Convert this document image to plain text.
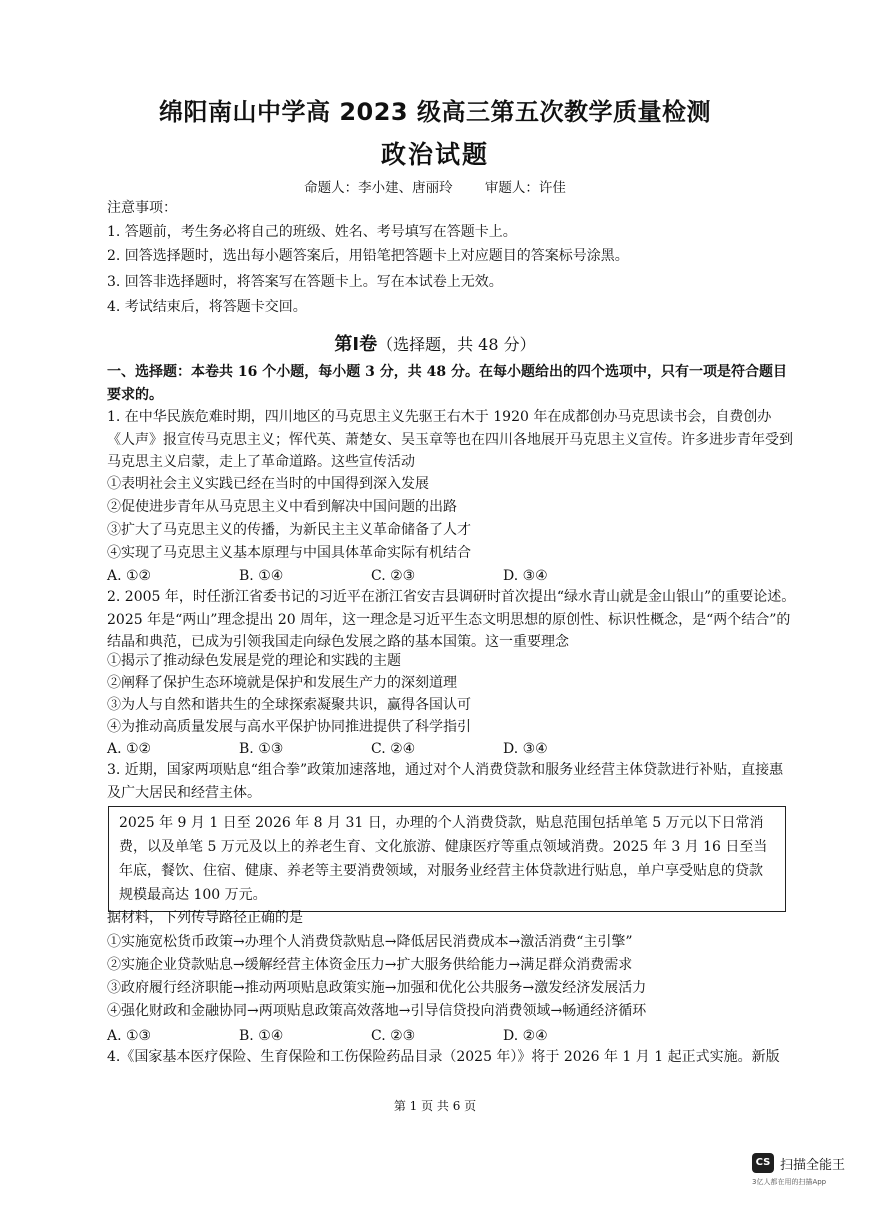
绵阳南山中学高 2023 级高三第五次教学质量检测
政治试题
命题人：李小建、唐丽玲 审题人：许佳
注意事项：
1. 答题前，考生务必将自己的班级、姓名、考号填写在答题卡上。
2. 回答选择题时，选出每小题答案后，用铅笔把答题卡上对应题目的答案标号涂黑。
3. 回答非选择题时，将答案写在答题卡上。写在本试卷上无效。
4. 考试结束后，将答题卡交回。
第Ⅰ卷（选择题，共 48 分）
一、选择题：本卷共 16 个小题，每小题 3 分，共 48 分。在每小题给出的四个选项中，只有一项是符合题目要求的。
1. 在中华民族危难时期，四川地区的马克思主义先驱王右木于 1920 年在成都创办马克思读书会，自费创办《人声》报宣传马克思主义；恽代英、萧楚女、吴玉章等也在四川各地展开马克思主义宣传。许多进步青年受到马克思主义启蒙，走上了革命道路。这些宣传活动
①表明社会主义实践已经在当时的中国得到深入发展
②促使进步青年从马克思主义中看到解决中国问题的出路
③扩大了马克思主义的传播，为新民主主义革命储备了人才
④实现了马克思主义基本原理与中国具体革命实际有机结合
A. ①②	B. ①④	C. ②③	D. ③④
2. 2005 年，时任浙江省委书记的习近平在浙江省安吉县调研时首次提出“绿水青山就是金山银山”的重要论述。2025 年是“两山”理念提出 20 周年，这一理念是习近平生态文明思想的原创性、标识性概念，是“两个结合”的结晶和典范，已成为引领我国走向绿色发展之路的基本国策。这一重要理念
①揭示了推动绿色发展是党的理论和实践的主题
②阐释了保护生态环境就是保护和发展生产力的深刻道理
③为人与自然和谐共生的全球探索凝聚共识，赢得各国认可
④为推动高质量发展与高水平保护协同推进提供了科学指引
A. ①②	B. ①③	C. ②④	D. ③④
3. 近期，国家两项贴息“组合拳”政策加速落地，通过对个人消费贷款和服务业经营主体贷款进行补贴，直接惠及广大居民和经营主体。
2025 年 9 月 1 日至 2026 年 8 月 31 日，办理的个人消费贷款，贴息范围包括单笔 5 万元以下日常消费，以及单笔 5 万元及以上的养老生育、文化旅游、健康医疗等重点领域消费。2025 年 3 月 16 日至当年底，餐饮、住宿、健康、养老等主要消费领域，对服务业经营主体贷款进行贴息，单户享受贴息的贷款规模最高达 100 万元。
据材料，下列传导路径正确的是
①实施宽松货币政策→办理个人消费贷款贴息→降低居民消费成本→激活消费“主引擎”
②实施企业贷款贴息→缓解经营主体资金压力→扩大服务供给能力→满足群众消费需求
③政府履行经济职能→推动两项贴息政策实施→加强和优化公共服务→激发经济发展活力
④强化财政和金融协同→两项贴息政策高效落地→引导信贷投向消费领域→畅通经济循环
A. ①③	B. ①④	C. ②③	D. ②④
4.《国家基本医疗保险、生育保险和工伤保险药品目录（2025 年）》将于 2026 年 1 月 1 起正式实施。新版
第 1 页 共 6 页
CS 扫描全能王
3亿人都在用的扫描App
